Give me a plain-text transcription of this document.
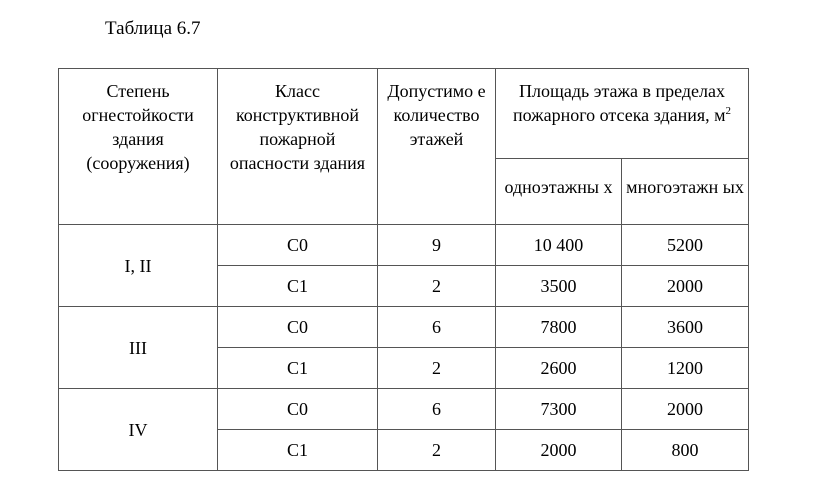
Таблица 6.7
Степень огнестойкости здания (сооружения)	Класс конструктивной пожарной опасности здания	Допустимо е количество этажей	Площадь этажа в пределах пожарного отсека здания, $м^2$
			одноэтажны х	многоэтажн ых
I, II	С0	9	10 400	5200
	С1	2	3500	2000
III	С0	6	7800	3600
	С1	2	2600	1200
IV	С0	6	7300	2000
	С1	2	2000	800
